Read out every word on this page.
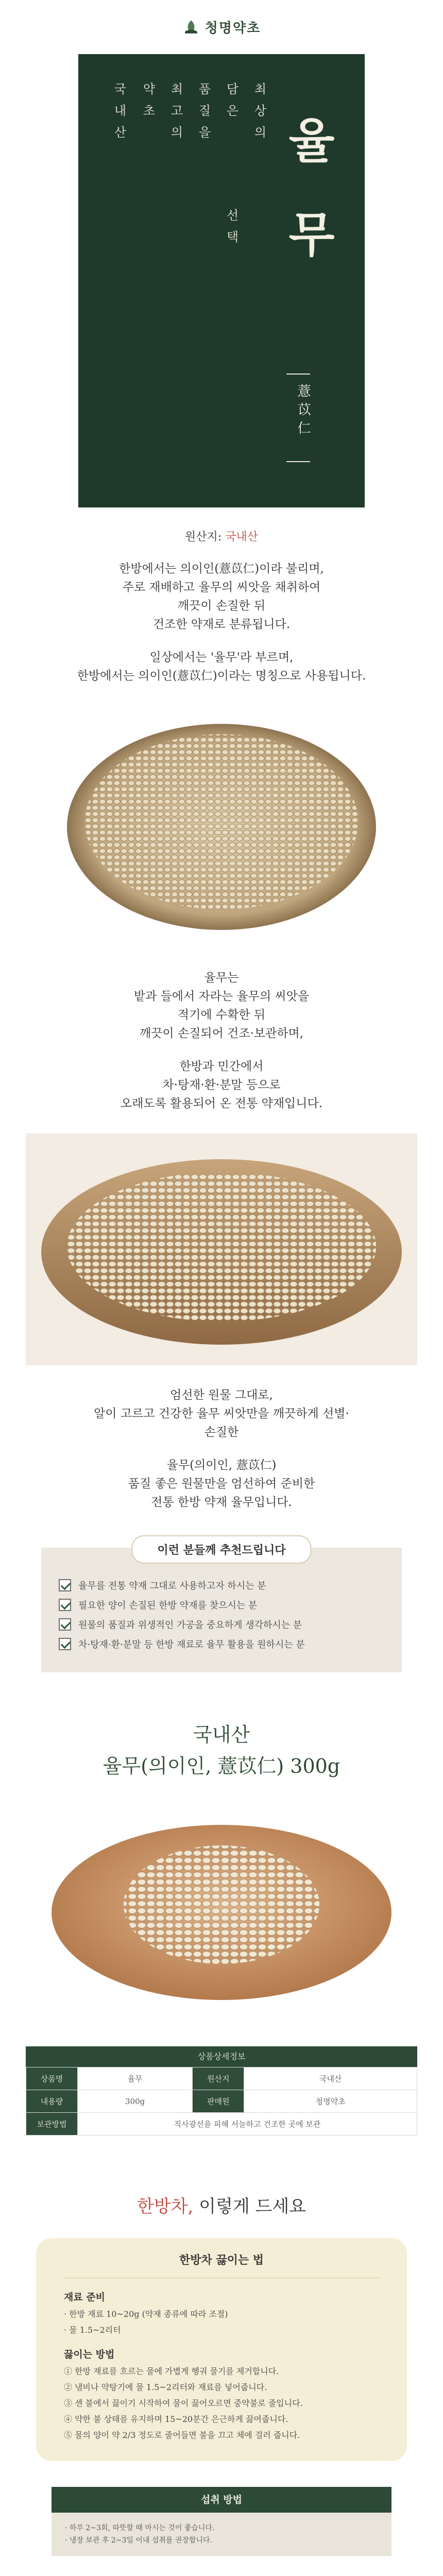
청명약초
국내산 약초 최고의 품질을 담은 최상의
선택 율무
薏苡仁
원산지: 국내산

한방에서는 의이인(薏苡仁)이라 불리며,

주로 재배하고 율무의 씨앗을 채취하여

깨끗이 손질한 뒤

건조한 약재로 분류됩니다.

일상에서는 '율무'라 부르며,

한방에서는 의이인(薏苡仁)이라는 명칭으로 사용됩니다.

율무는

밭과 들에서 자라는 율무의 씨앗을

적기에 수확한 뒤

깨끗이 손질되어 건조·보관하며,

한방과 민간에서

차·탕재·환·분말 등으로

오래도록 활용되어 온 전통 약재입니다.

엄선한 원물 그대로,

알이 고르고 건강한 율무 씨앗만을 깨끗하게 선별·

손질한

율무(의이인, 薏苡仁)

품질 좋은 원물만을 엄선하여 준비한

전통 한방 약재 율무입니다.

이런 분들께 추천드립니다
율무를 전통 약재 그대로 사용하고자 하시는 분
필요한 양이 손질된 한방 약재를 찾으시는 분
원물의 품질과 위생적인 가공을 중요하게 생각하시는 분
차·탕재·환·분말 등 한방 재료로 율무 활용을 원하시는 분
국내산
율무(의이인, 薏苡仁) 300g
상품상세정보
상품명	율무	원산지	국내산
내용량	300g	판매원	청명약초
보관방법	직사광선을 피해 서늘하고 건조한 곳에 보관		
한방차, 이렇게 드세요
한방차 끓이는 법
재료 준비
· 한방 재료 10~20g (약재 종류에 따라 조절)
· 물 1.5~2리터
끓이는 방법
① 한방 재료를 흐르는 물에 가볍게 헹궈 물기를 제거합니다.
② 냄비나 약탕기에 물 1.5~2리터와 재료를 넣어줍니다.
③ 센 불에서 끓이기 시작하여 물이 끓어오르면 중약불로 줄입니다.
④ 약한 불 상태를 유지하며 15~20분간 은근하게 끓여줍니다.
⑤ 물의 양이 약 2/3 정도로 줄어들면 불을 끄고 체에 걸러 줍니다.
섭취 방법
· 하루 2~3회, 따뜻할 때 마시는 것이 좋습니다.
· 냉장 보관 후 2~3일 이내 섭취를 권장합니다.
